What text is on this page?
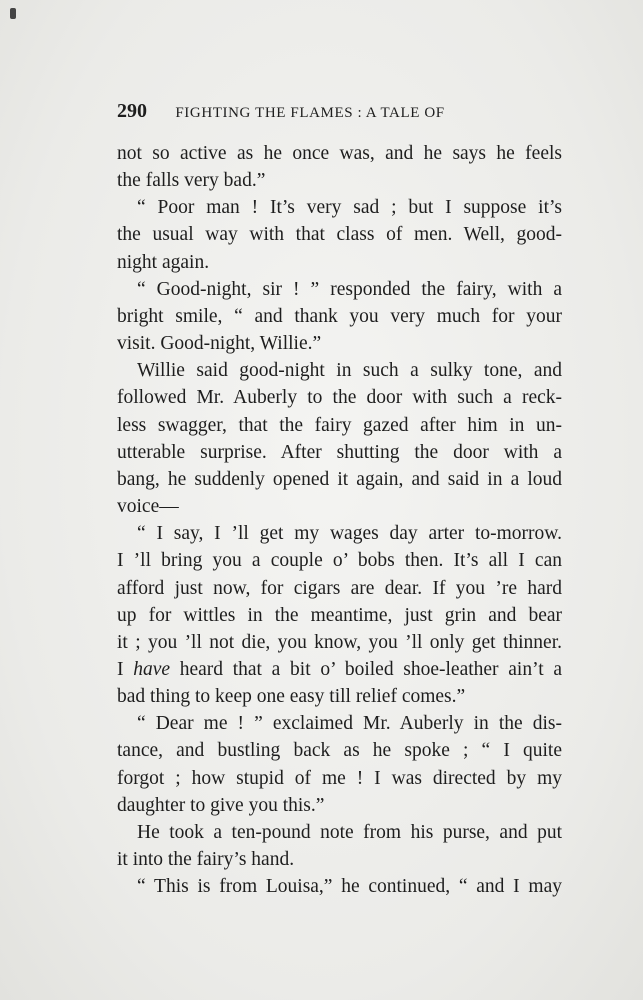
290 FIGHTING THE FLAMES : A TALE OF
not so active as he once was, and he says he feels
the falls very bad.”
“ Poor man ! It’s very sad ; but I suppose it’s
the usual way with that class of men. Well, good-
night again.
“ Good-night, sir ! ” responded the fairy, with a
bright smile, “ and thank you very much for your
visit. Good-night, Willie.”
Willie said good-night in such a sulky tone, and
followed Mr. Auberly to the door with such a reck-
less swagger, that the fairy gazed after him in un-
utterable surprise. After shutting the door with a
bang, he suddenly opened it again, and said in a loud
voice—
“ I say, I ’ll get my wages day arter to-morrow.
I ’ll bring you a couple o’ bobs then. It’s all I can
afford just now, for cigars are dear. If you ’re hard
up for wittles in the meantime, just grin and bear
it ; you ’ll not die, you know, you ’ll only get thinner.
I have heard that a bit o’ boiled shoe-leather ain’t a
bad thing to keep one easy till relief comes.”
“ Dear me ! ” exclaimed Mr. Auberly in the dis-
tance, and bustling back as he spoke ; “ I quite
forgot ; how stupid of me ! I was directed by my
daughter to give you this.”
He took a ten-pound note from his purse, and put
it into the fairy’s hand.
“ This is from Louisa,” he continued, “ and I may
